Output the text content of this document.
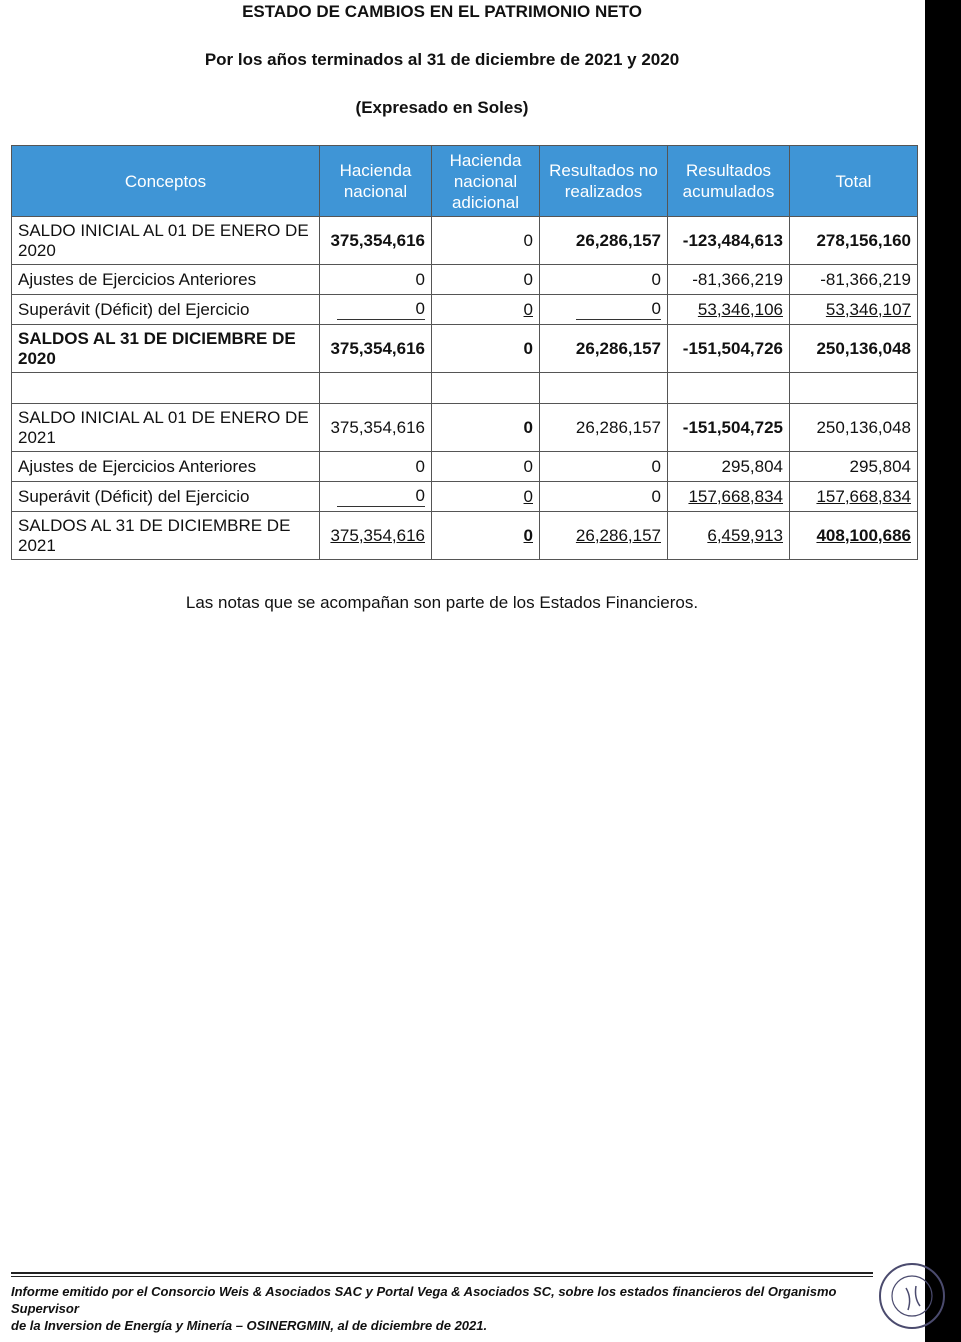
ESTADO DE CAMBIOS EN EL PATRIMONIO NETO
Por los años terminados al 31 de diciembre de 2021 y 2020
(Expresado en Soles)
Conceptos	Hacienda nacional	Hacienda nacional adicional	Resultados no realizados	Resultados acumulados	Total
SALDO INICIAL AL 01 DE ENERO DE 2020	375,354,616	0	26,286,157	-123,484,613	278,156,160
Ajustes de Ejercicios Anteriores	0	0	0	-81,366,219	-81,366,219
Superávit (Déficit) del Ejercicio	0	0	0	53,346,106	53,346,107
SALDOS AL 31 DE DICIEMBRE DE 2020	375,354,616	0	26,286,157	-151,504,726	250,136,048

SALDO INICIAL AL 01 DE ENERO DE 2021	375,354,616	0	26,286,157	-151,504,725	250,136,048
Ajustes de Ejercicios Anteriores	0	0	0	295,804	295,804
Superávit (Déficit) del Ejercicio	0	0	0	157,668,834	157,668,834
SALDOS AL 31 DE DICIEMBRE DE 2021	375,354,616	0	26,286,157	6,459,913	408,100,686
Las notas que se acompañan son parte de los Estados Financieros.
Informe emitido por el Consorcio Weis & Asociados SAC y Portal Vega & Asociados SC, sobre los estados financieros del Organismo Supervisor
de la Inversion de Energía y Minería – OSINERGMIN, al de diciembre de 2021.
